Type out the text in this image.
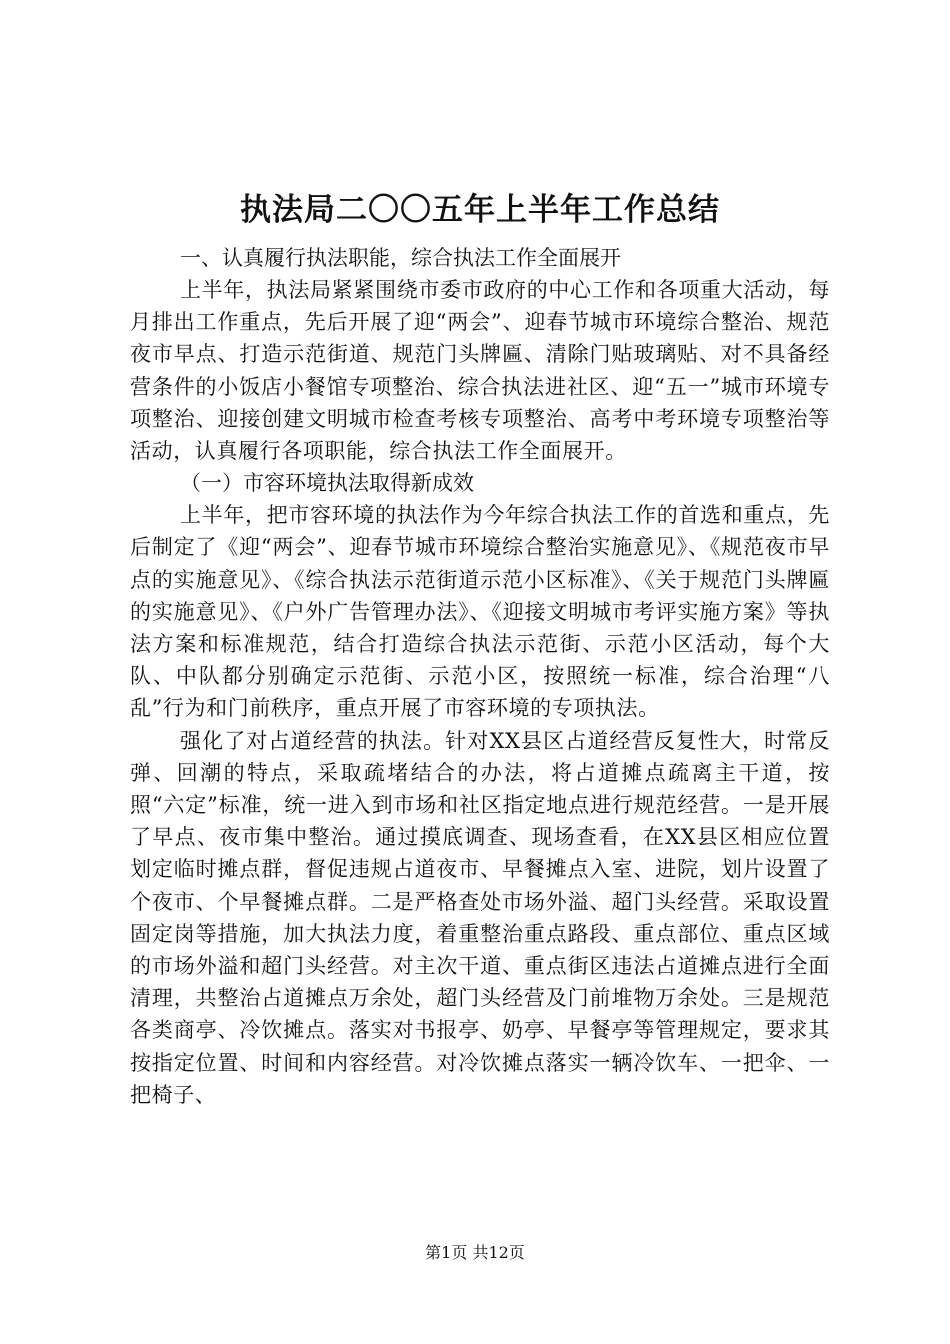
执法局二〇〇五年上半年工作总结

一、认真履行执法职能，综合执法工作全面展开

上半年，执法局紧紧围绕市委市政府的中心工作和各项重大活动，每月排出工作重点，先后开展了迎“两会”、迎春节城市环境综合整治、规范夜市早点、打造示范街道、规范门头牌匾、清除门贴玻璃贴、对不具备经营条件的小饭店小餐馆专项整治、综合执法进社区、迎“五一”城市环境专项整治、迎接创建文明城市检查考核专项整治、高考中考环境专项整治等活动，认真履行各项职能，综合执法工作全面展开。

（一）市容环境执法取得新成效

上半年，把市容环境的执法作为今年综合执法工作的首选和重点，先后制定了《迎“两会”、迎春节城市环境综合整治实施意见》、《规范夜市早点的实施意见》、《综合执法示范街道示范小区标准》、《关于规范门头牌匾的实施意见》、《户外广告管理办法》、《迎接文明城市考评实施方案》等执法方案和标准规范，结合打造综合执法示范街、示范小区活动，每个大队、中队都分别确定示范街、示范小区，按照统一标准，综合治理“八乱”行为和门前秩序，重点开展了市容环境的专项执法。

强化了对占道经营的执法。针对XX县区占道经营反复性大，时常反弹、回潮的特点，采取疏堵结合的办法，将占道摊点疏离主干道，按照“六定”标准，统一进入到市场和社区指定地点进行规范经营。一是开展了早点、夜市集中整治。通过摸底调查、现场查看，在XX县区相应位置划定临时摊点群，督促违规占道夜市、早餐摊点入室、进院，划片设置了个夜市、个早餐摊点群。二是严格查处市场外溢、超门头经营。采取设置固定岗等措施，加大执法力度，着重整治重点路段、重点部位、重点区域的市场外溢和超门头经营。对主次干道、重点街区违法占道摊点进行全面清理，共整治占道摊点万余处，超门头经营及门前堆物万余处。三是规范各类商亭、冷饮摊点。落实对书报亭、奶亭、早餐亭等管理规定，要求其按指定位置、时间和内容经营。对冷饮摊点落实一辆冷饮车、一把伞、一把椅子、

第1页 共12页
